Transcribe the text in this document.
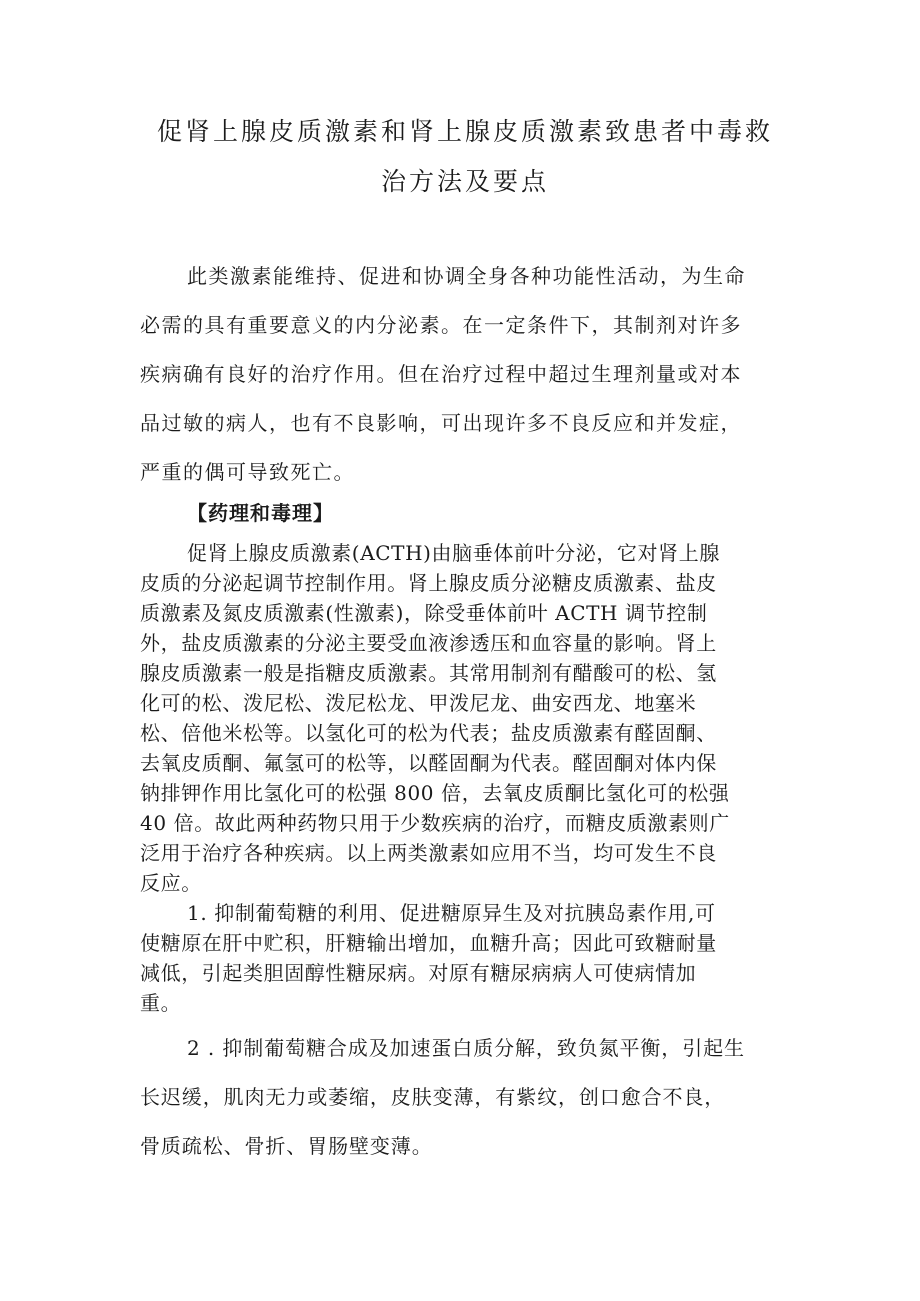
促肾上腺皮质激素和肾上腺皮质激素致患者中毒救
治方法及要点
此类激素能维持、促进和协调全身各种功能性活动，为生命
必需的具有重要意义的内分泌素。在一定条件下，其制剂对许多
疾病确有良好的治疗作用。但在治疗过程中超过生理剂量或对本
品过敏的病人，也有不良影响，可出现许多不良反应和并发症，
严重的偶可导致死亡。
【药理和毒理】
促肾上腺皮质激素(ACTH)由脑垂体前叶分泌，它对肾上腺
皮质的分泌起调节控制作用。肾上腺皮质分泌糖皮质激素、盐皮
质激素及氮皮质激素(性激素)，除受垂体前叶 ACTH 调节控制
外，盐皮质激素的分泌主要受血液渗透压和血容量的影响。肾上
腺皮质激素一般是指糖皮质激素。其常用制剂有醋酸可的松、氢
化可的松、泼尼松、泼尼松龙、甲泼尼龙、曲安西龙、地塞米
松、倍他米松等。以氢化可的松为代表；盐皮质激素有醛固酮、
去氧皮质酮、氟氢可的松等，以醛固酮为代表。醛固酮对体内保
钠排钾作用比氢化可的松强 800 倍，去氧皮质酮比氢化可的松强
40 倍。故此两种药物只用于少数疾病的治疗，而糖皮质激素则广
泛用于治疗各种疾病。以上两类激素如应用不当，均可发生不良
反应。
1. 抑制葡萄糖的利用、促进糖原异生及对抗胰岛素作用,可
使糖原在肝中贮积，肝糖输出增加，血糖升高；因此可致糖耐量
减低，引起类胆固醇性糖尿病。对原有糖尿病病人可使病情加
重。
2 . 抑制葡萄糖合成及加速蛋白质分解，致负氮平衡，引起生
长迟缓，肌肉无力或萎缩，皮肤变薄，有紫纹，创口愈合不良，
骨质疏松、骨折、胃肠壁变薄。
